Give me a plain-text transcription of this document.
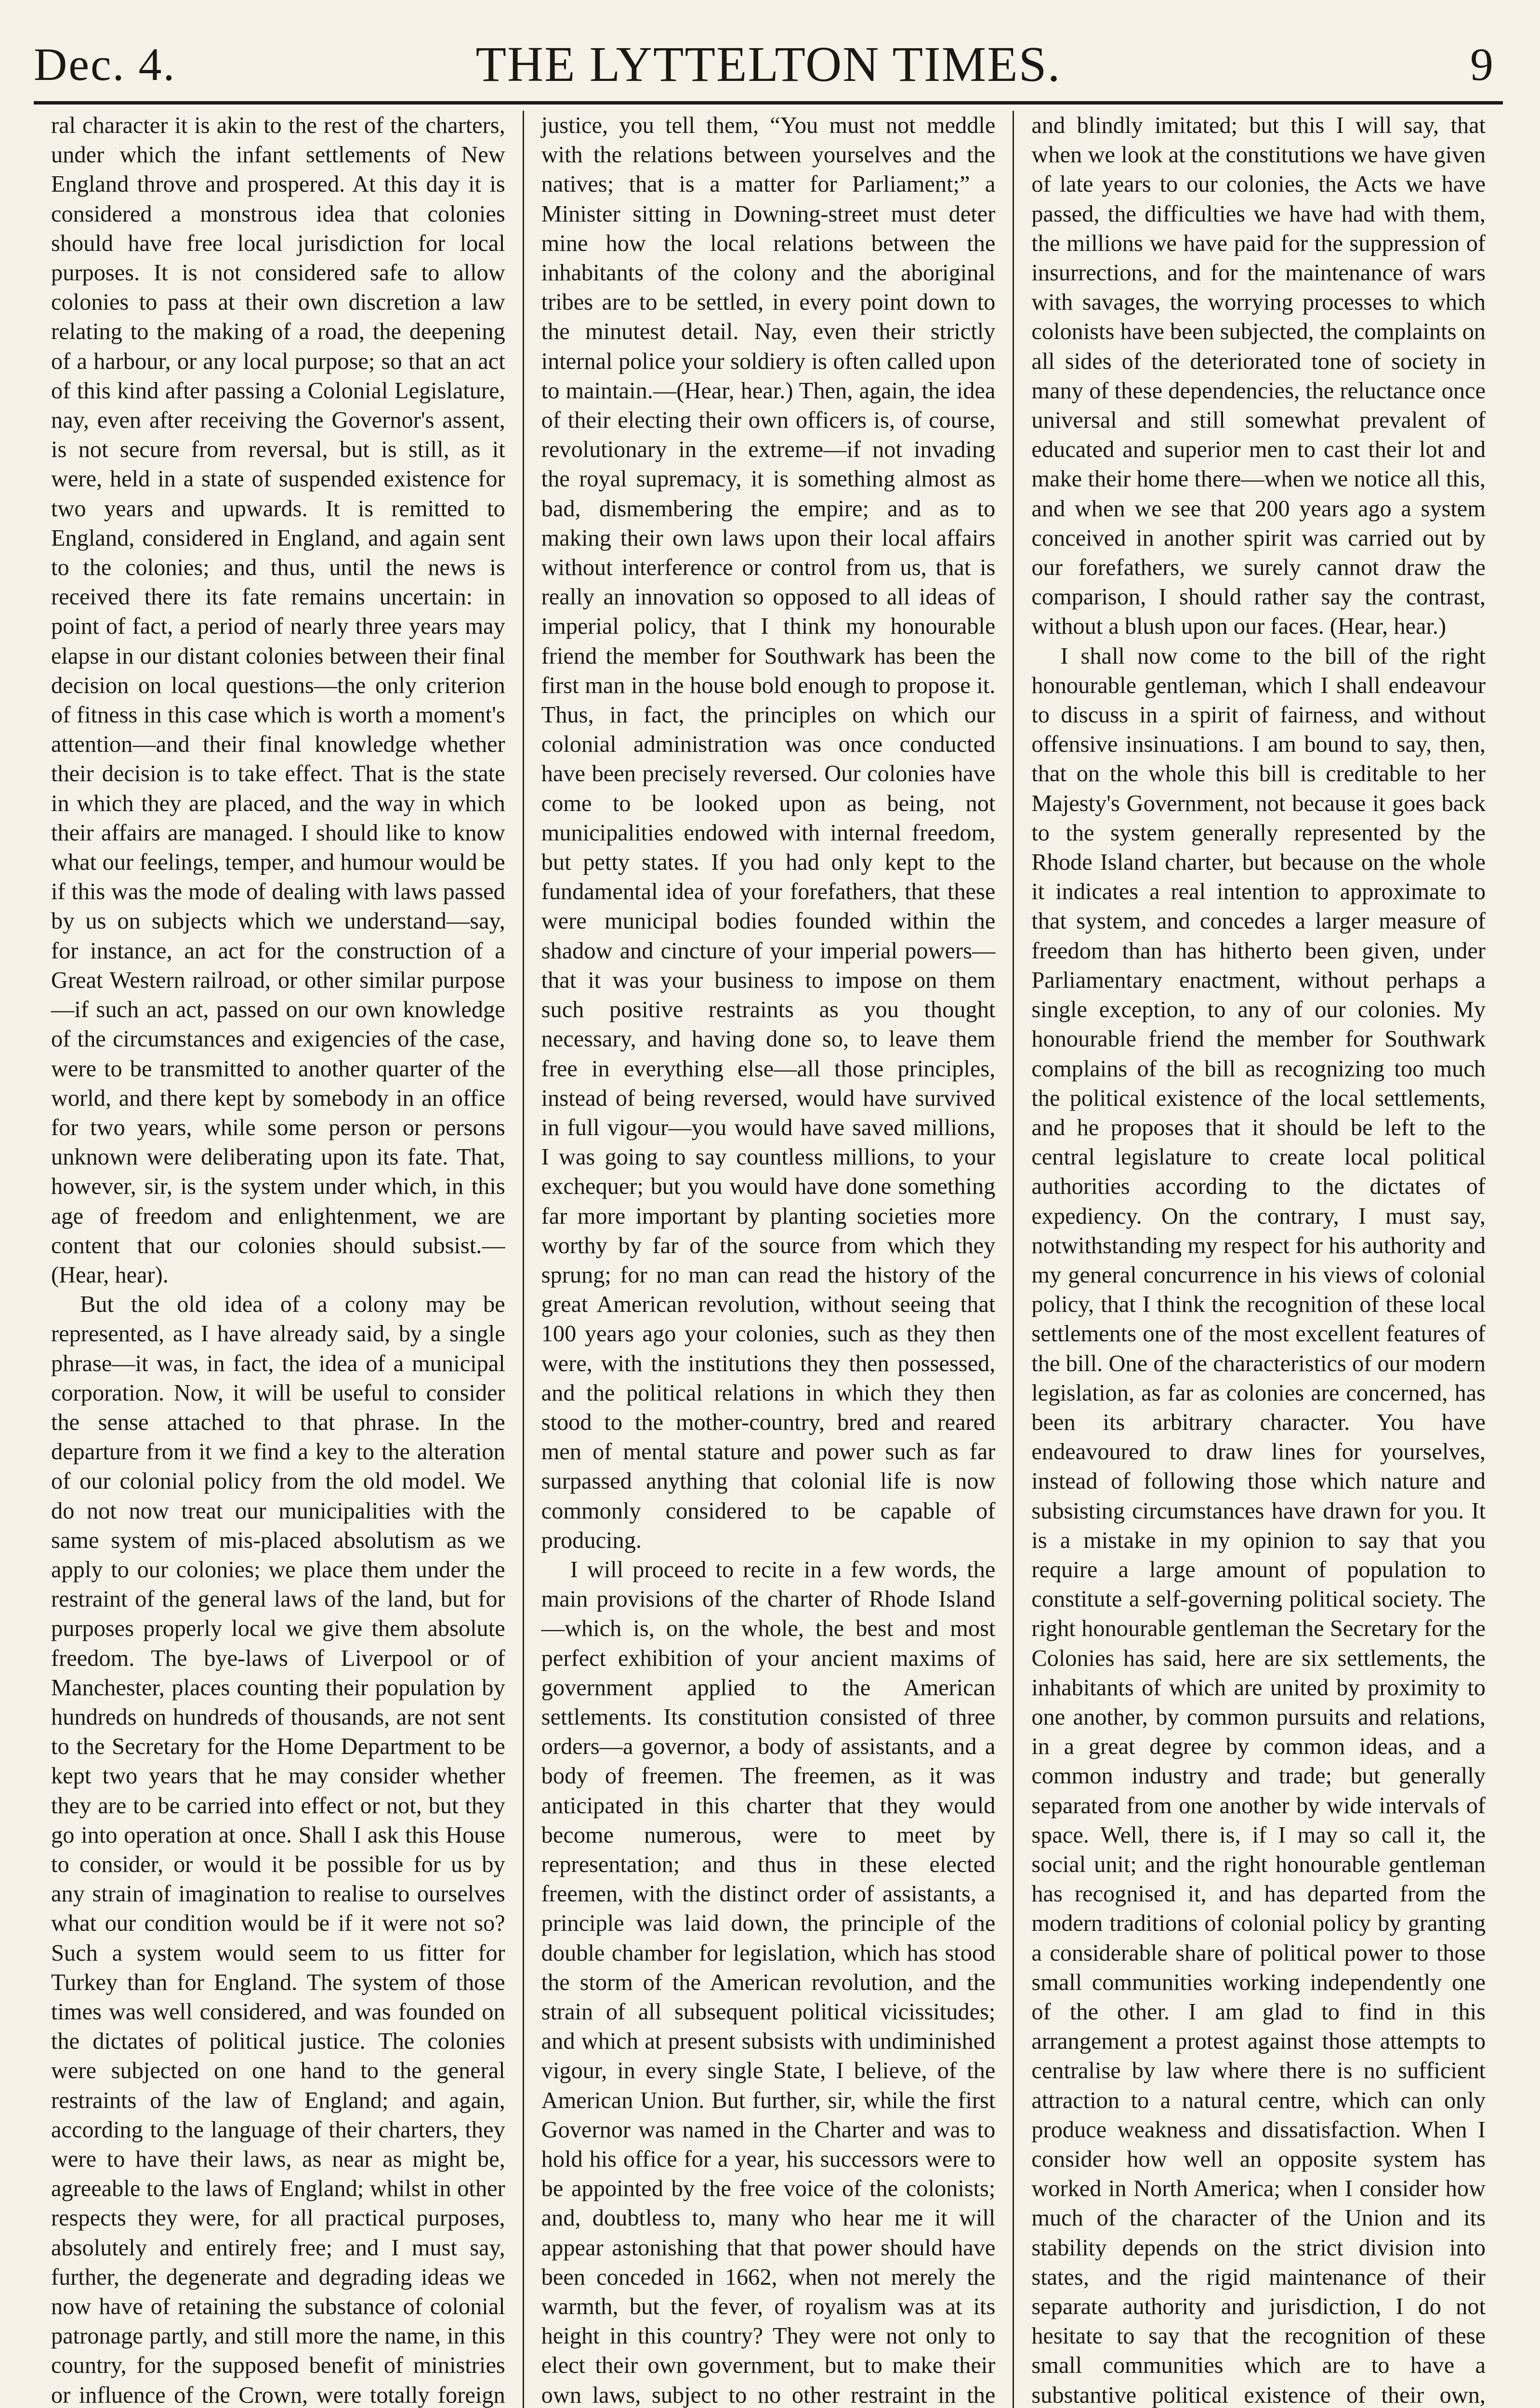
Dec. 4.	THE LYTTELTON TIMES.	9

ral character it is akin to the rest of the charters, under which the infant settlements of New England throve and prospered. At this day it is considered a monstrous idea that colonies should have free local jurisdiction for local purposes. It is not considered safe to allow colonies to pass at their own discretion a law relating to the making of a road, the deepening of a harbour, or any local purpose; so that an act of this kind after passing a Colonial Legislature, nay, even after receiving the Governor's assent, is not secure from reversal, but is still, as it were, held in a state of suspended existence for two years and upwards. It is remitted to England, considered in England, and again sent to the colonies; and thus, until the news is received there its fate remains uncertain: in point of fact, a period of nearly three years may elapse in our distant colonies between their final decision on local questions—the only criterion of fitness in this case which is worth a moment's attention—and their final knowledge whether their decision is to take effect. That is the state in which they are placed, and the way in which their affairs are managed. I should like to know what our feelings, temper, and humour would be if this was the mode of dealing with laws passed by us on subjects which we understand—say, for instance, an act for the construction of a Great Western railroad, or other similar purpose—if such an act, passed on our own knowledge of the circumstances and exigencies of the case, were to be transmitted to another quarter of the world, and there kept by somebody in an office for two years, while some person or persons unknown were deliberating upon its fate. That, however, sir, is the system under which, in this age of freedom and enlightenment, we are content that our colonies should subsist.—(Hear, hear).

But the old idea of a colony may be represented, as I have already said, by a single phrase—it was, in fact, the idea of a municipal corporation. Now, it will be useful to consider the sense attached to that phrase. In the departure from it we find a key to the alteration of our colonial policy from the old model. We do not now treat our municipalities with the same system of mis-placed absolutism as we apply to our colonies; we place them under the restraint of the general laws of the land, but for purposes properly local we give them absolute freedom. The bye-laws of Liverpool or of Manchester, places counting their population by hundreds on hundreds of thousands, are not sent to the Secretary for the Home Department to be kept two years that he may consider whether they are to be carried into effect or not, but they go into operation at once. Shall I ask this House to consider, or would it be possible for us by any strain of imagination to realise to ourselves what our condition would be if it were not so? Such a system would seem to us fitter for Turkey than for England. The system of those times was well considered, and was founded on the dictates of political justice. The colonies were subjected on one hand to the general restraints of the law of England; and again, according to the language of their charters, they were to have their laws, as near as might be, agreeable to the laws of England; whilst in other respects they were, for all practical purposes, absolutely and entirely free; and I must say, further, the degenerate and degrading ideas we now have of retaining the substance of colonial patronage partly, and still more the name, in this country, for the supposed benefit of ministries or influence of the Crown, were totally foreign

justice, you tell them, “You must not meddle with the relations between yourselves and the natives; that is a matter for Parliament;” a Minister sitting in Downing-street must deter mine how the local relations between the inhabitants of the colony and the aboriginal tribes are to be settled, in every point down to the minutest detail. Nay, even their strictly internal police your soldiery is often called upon to maintain.—(Hear, hear.) Then, again, the idea of their electing their own officers is, of course, revolutionary in the extreme—if not invading the royal supremacy, it is something almost as bad, dismembering the empire; and as to making their own laws upon their local affairs without interference or control from us, that is really an innovation so opposed to all ideas of imperial policy, that I think my honourable friend the member for Southwark has been the first man in the house bold enough to propose it. Thus, in fact, the principles on which our colonial administration was once conducted have been precisely reversed. Our colonies have come to be looked upon as being, not municipalities endowed with internal freedom, but petty states. If you had only kept to the fundamental idea of your forefathers, that these were municipal bodies founded within the shadow and cincture of your imperial powers—that it was your business to impose on them such positive restraints as you thought necessary, and having done so, to leave them free in everything else—all those principles, instead of being reversed, would have survived in full vigour—you would have saved millions, I was going to say countless millions, to your exchequer; but you would have done something far more important by planting societies more worthy by far of the source from which they sprung; for no man can read the history of the great American revolution, without seeing that 100 years ago your colonies, such as they then were, with the institutions they then possessed, and the political relations in which they then stood to the mother-country, bred and reared men of mental stature and power such as far surpassed anything that colonial life is now commonly considered to be capable of producing.

I will proceed to recite in a few words, the main provisions of the charter of Rhode Island—which is, on the whole, the best and most perfect exhibition of your ancient maxims of government applied to the American settlements. Its constitution consisted of three orders—a governor, a body of assistants, and a body of freemen. The freemen, as it was anticipated in this charter that they would become numerous, were to meet by representation; and thus in these elected freemen, with the distinct order of assistants, a principle was laid down, the principle of the double chamber for legislation, which has stood the storm of the American revolution, and the strain of all subsequent political vicissitudes; and which at present subsists with undiminished vigour, in every single State, I believe, of the American Union. But further, sir, while the first Governor was named in the Charter and was to hold his office for a year, his successors were to be appointed by the free voice of the colonists; and, doubtless to, many who hear me it will appear astonishing that that power should have been conceded in 1662, when not merely the warmth, but the fever, of royalism was at its height in this country? They were not only to elect their own government, but to make their own laws, subject to no other restraint in the

and blindly imitated; but this I will say, that when we look at the constitutions we have given of late years to our colonies, the Acts we have passed, the difficulties we have had with them, the millions we have paid for the suppression of insurrections, and for the maintenance of wars with savages, the worrying processes to which colonists have been subjected, the complaints on all sides of the deteriorated tone of society in many of these dependencies, the reluctance once universal and still somewhat prevalent of educated and superior men to cast their lot and make their home there—when we notice all this, and when we see that 200 years ago a system conceived in another spirit was carried out by our forefathers, we surely cannot draw the comparison, I should rather say the contrast, without a blush upon our faces. (Hear, hear.)

I shall now come to the bill of the right honourable gentleman, which I shall endeavour to discuss in a spirit of fairness, and without offensive insinuations. I am bound to say, then, that on the whole this bill is creditable to her Majesty's Government, not because it goes back to the system generally represented by the Rhode Island charter, but because on the whole it indicates a real intention to approximate to that system, and concedes a larger measure of freedom than has hitherto been given, under Parliamentary enactment, without perhaps a single exception, to any of our colonies. My honourable friend the member for Southwark complains of the bill as recognizing too much the political existence of the local settlements, and he proposes that it should be left to the central legislature to create local political authorities according to the dictates of expediency. On the contrary, I must say, notwithstanding my respect for his authority and my general concurrence in his views of colonial policy, that I think the recognition of these local settlements one of the most excellent features of the bill. One of the characteristics of our modern legislation, as far as colonies are concerned, has been its arbitrary character. You have endeavoured to draw lines for yourselves, instead of following those which nature and subsisting circumstances have drawn for you. It is a mistake in my opinion to say that you require a large amount of population to constitute a self-governing political society. The right honourable gentleman the Secretary for the Colonies has said, here are six settlements, the inhabitants of which are united by proximity to one another, by common pursuits and relations, in a great degree by common ideas, and a common industry and trade; but generally separated from one another by wide intervals of space. Well, there is, if I may so call it, the social unit; and the right honourable gentleman has recognised it, and has departed from the modern traditions of colonial policy by granting a considerable share of political power to those small communities working independently one of the other. I am glad to find in this arrangement a protest against those attempts to centralise by law where there is no sufficient attraction to a natural centre, which can only produce weakness and dissatisfaction. When I consider how well an opposite system has worked in North America; when I consider how much of the character of the Union and its stability depends on the strict division into states, and the rigid maintenance of their separate authority and jurisdiction, I do not hesitate to say that the recognition of these small communities which are to have a substantive political existence of their own,
